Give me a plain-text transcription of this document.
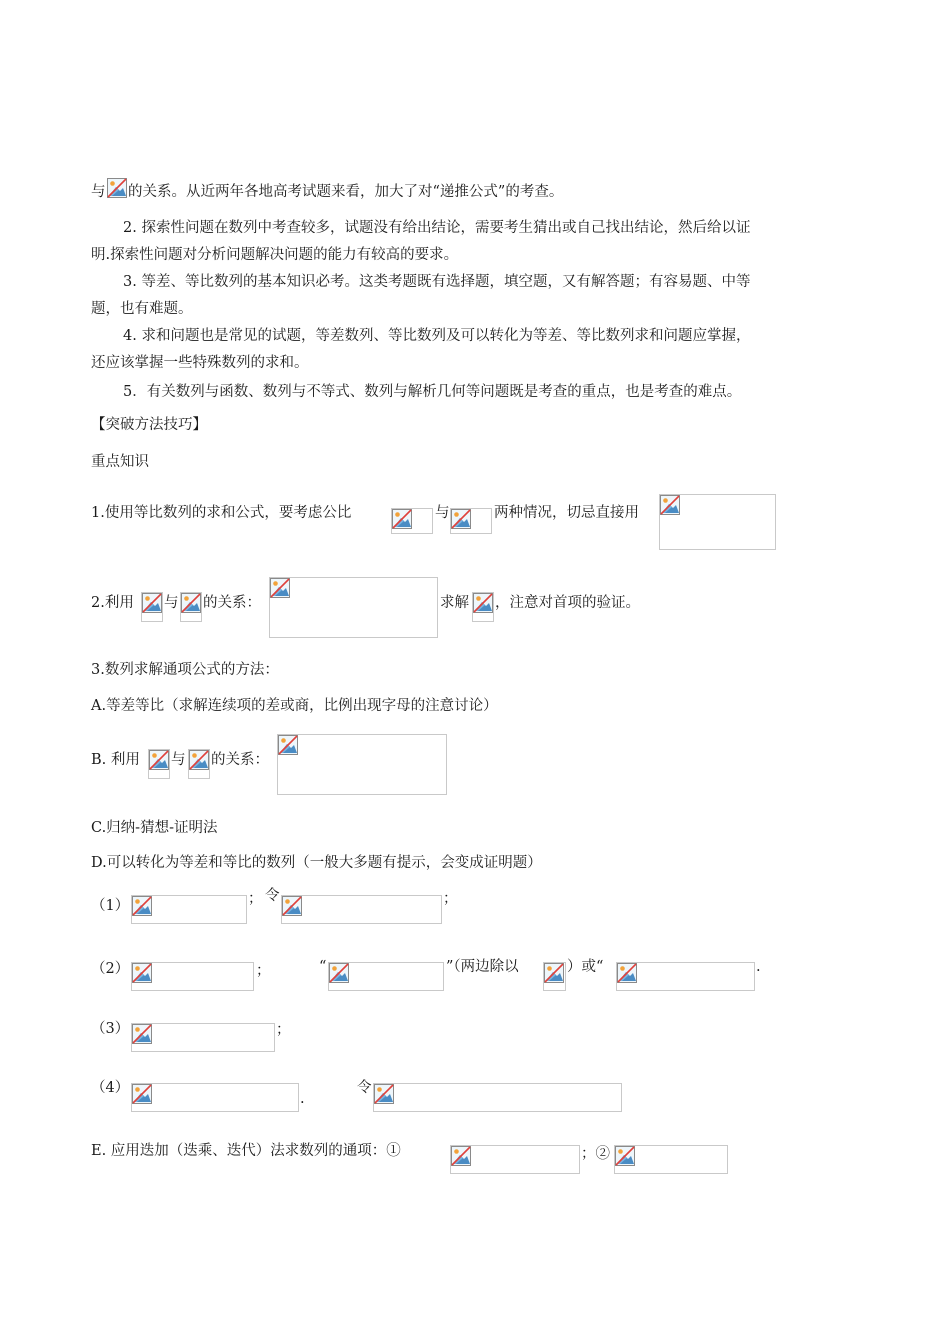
与 的关系。从近两年各地高考试题来看，加大了对“递推公式”的考查。
2. 探索性问题在数列中考查较多，试题没有给出结论，需要考生猜出或自己找出结论，然后给以证
明.探索性问题对分析问题解决问题的能力有较高的要求。
3. 等差、等比数列的基本知识必考。这类考题既有选择题，填空题，又有解答题；有容易题、中等
题，也有难题。
4. 求和问题也是常见的试题，等差数列、等比数列及可以转化为等差、等比数列求和问题应掌握，
还应该掌握一些特殊数列的求和。
5．有关数列与函数、数列与不等式、数列与解析几何等问题既是考查的重点，也是考查的难点。
【突破方法技巧】
重点知识
1.使用等比数列的求和公式，要考虑公比	与	两种情况，切忌直接用
2.利用 与 的关系：	求解 ，注意对首项的验证。
3.数列求解通项公式的方法：
A.等差等比（求解连续项的差或商，比例出现字母的注意讨论）
B. 利用 与 的关系：
C.归纳-猜想-证明法
D.可以转化为等差和等比的数列（一般大多题有提示，会变成证明题）
（1）	； 令	；
（2）	；	“	”（两边除以	）或“	.
（3）	；
（4）
.
令
E. 应用迭加（迭乘、迭代）法求数列的通项：①	；②
